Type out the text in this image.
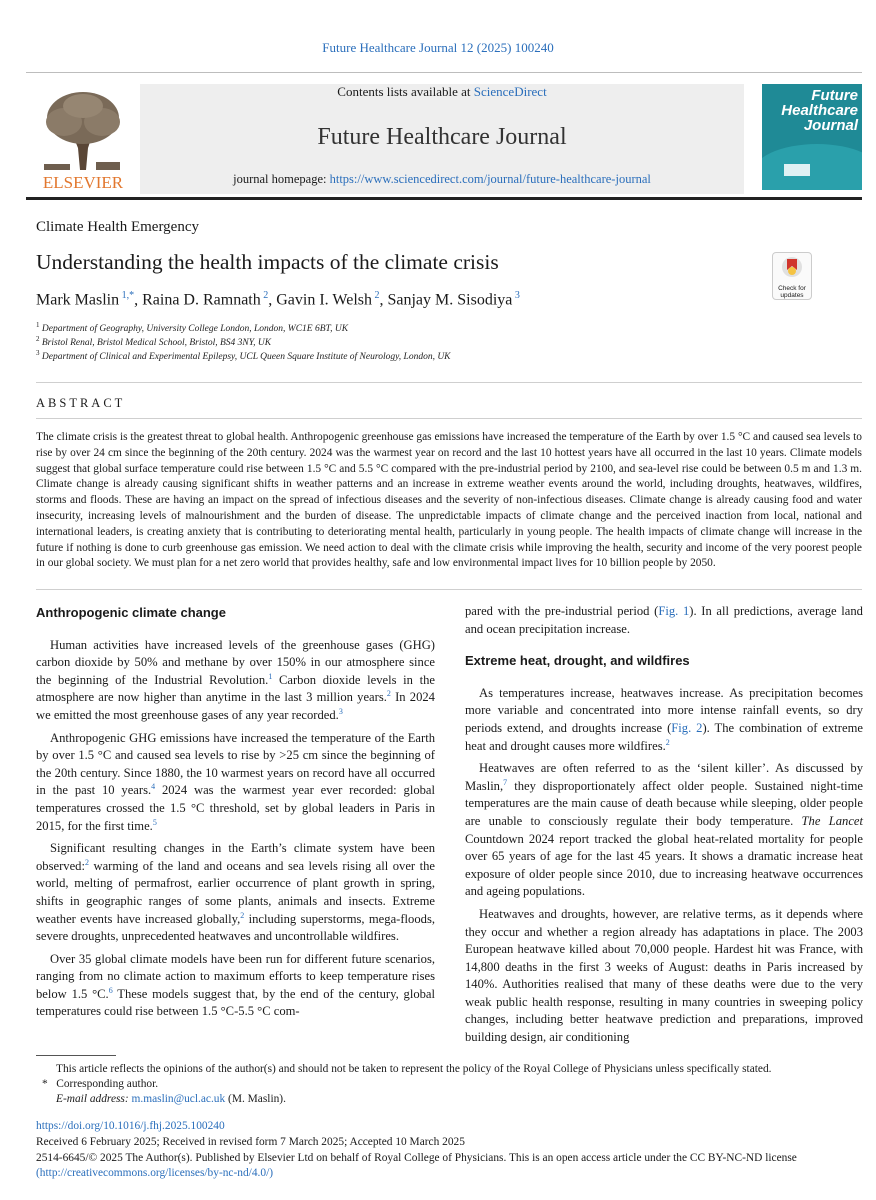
Future Healthcare Journal 12 (2025) 100240
ELSEVIER
Contents lists available at ScienceDirect
Future Healthcare Journal
journal homepage: https://www.sciencedirect.com/journal/future-healthcare-journal
Future Healthcare Journal
Climate Health Emergency
Understanding the health impacts of the climate crisis
Mark Maslin $^{1,*}$, Raina D. Ramnath $^2$, Gavin I. Welsh $^2$, Sanjay M. Sisodiya $^3$
$^1$ Department of Geography, University College London, London, WC1E 6BT, UK
$^2$ Bristol Renal, Bristol Medical School, Bristol, BS4 3NY, UK
$^3$ Department of Clinical and Experimental Epilepsy, UCL Queen Square Institute of Neurology, London, UK
Check for updates
ABSTRACT
The climate crisis is the greatest threat to global health. Anthropogenic greenhouse gas emissions have increased the temperature of the Earth by over 1.5 °C and caused sea levels to rise by over 24 cm since the beginning of the 20th century. 2024 was the warmest year on record and the last 10 hottest years have all occurred in the last 10 years. Climate models suggest that global surface temperature could rise between 1.5 °C and 5.5 °C compared with the pre-industrial period by 2100, and sea-level rise could be between 0.5 m and 1.3 m. Climate change is already causing significant shifts in weather patterns and an increase in extreme weather events around the world, including droughts, heatwaves, wildfires, storms and floods. These are having an impact on the spread of infectious diseases and the severity of non-infectious diseases. Climate change is already causing food and water insecurity, increasing levels of malnourishment and the burden of disease. The unpredictable impacts of climate change and the perceived inaction from local, national and international leaders, is creating anxiety that is contributing to deteriorating mental health, particularly in young people. The health impacts of climate change will increase in the future if nothing is done to curb greenhouse gas emission. We need action to deal with the climate crisis while improving the health, security and income of the very poorest people in our global society. We must plan for a net zero world that provides healthy, safe and low environmental impact lives for 10 billion people by 2050.
Anthropogenic climate change

Human activities have increased levels of the greenhouse gases (GHG) carbon dioxide by 50% and methane by over 150% in our atmosphere since the beginning of the Industrial Revolution.$^1$ Carbon dioxide levels in the atmosphere are now higher than anytime in the last 3 million years.$^2$ In 2024 we emitted the most greenhouse gases of any year recorded.$^3$

Anthropogenic GHG emissions have increased the temperature of the Earth by over 1.5 °C and caused sea levels to rise by >25 cm since the beginning of the 20th century. Since 1880, the 10 warmest years on record have all occurred in the past 10 years.$^4$ 2024 was the warmest year ever recorded: global temperatures crossed the 1.5 °C threshold, set by global leaders in Paris in 2015, for the first time.$^5$

Significant resulting changes in the Earth’s climate system have been observed:$^2$ warming of the land and oceans and sea levels rising all over the world, melting of permafrost, earlier occurrence of plant growth in spring, shifts in geographic ranges of some plants, animals and insects. Extreme weather events have increased globally,$^2$ including superstorms, mega-floods, severe droughts, unprecedented heatwaves and uncontrollable wildfires.

Over 35 global climate models have been run for different future scenarios, ranging from no climate action to maximum efforts to keep temperature rises below 1.5 °C.$^6$ These models suggest that, by the end of the century, global temperatures could rise between 1.5 °C-5.5 °C com-

pared with the pre-industrial period (Fig. 1). In all predictions, average land and ocean precipitation increase.

Extreme heat, drought, and wildfires

As temperatures increase, heatwaves increase. As precipitation becomes more variable and concentrated into more intense rainfall events, so dry periods extend, and droughts increase (Fig. 2). The combination of extreme heat and drought causes more wildfires.$^2$

Heatwaves are often referred to as the ‘silent killer’. As discussed by Maslin,$^7$ they disproportionately affect older people. Sustained night-time temperatures are the main cause of death because while sleeping, older people are unable to consciously regulate their body temperature. The Lancet Countdown 2024 report tracked the global heat-related mortality for people over 65 years of age for the last 45 years. It shows a dramatic increase heat exposure of older people since 2010, due to increasing heatwave occurrences and ageing populations.

Heatwaves and droughts, however, are relative terms, as it depends where they occur and whether a region already has adaptations in place. The 2003 European heatwave killed about 70,000 people. Hardest hit was France, with 14,800 deaths in the first 3 weeks of August: deaths in Paris increased by 140%. Authorities realised that many of these deaths were due to the very weak public health response, resulting in many countries in sweeping policy changes, including better heatwave prediction and preparations, improved building design, air conditioning

This article reflects the opinions of the author(s) and should not be taken to represent the policy of the Royal College of Physicians unless specifically stated.
* Corresponding author.
E-mail address: m.maslin@ucl.ac.uk (M. Maslin).
https://doi.org/10.1016/j.fhj.2025.100240
Received 6 February 2025; Received in revised form 7 March 2025; Accepted 10 March 2025
2514-6645/© 2025 The Author(s). Published by Elsevier Ltd on behalf of Royal College of Physicians. This is an open access article under the CC BY-NC-ND license
(http://creativecommons.org/licenses/by-nc-nd/4.0/)
